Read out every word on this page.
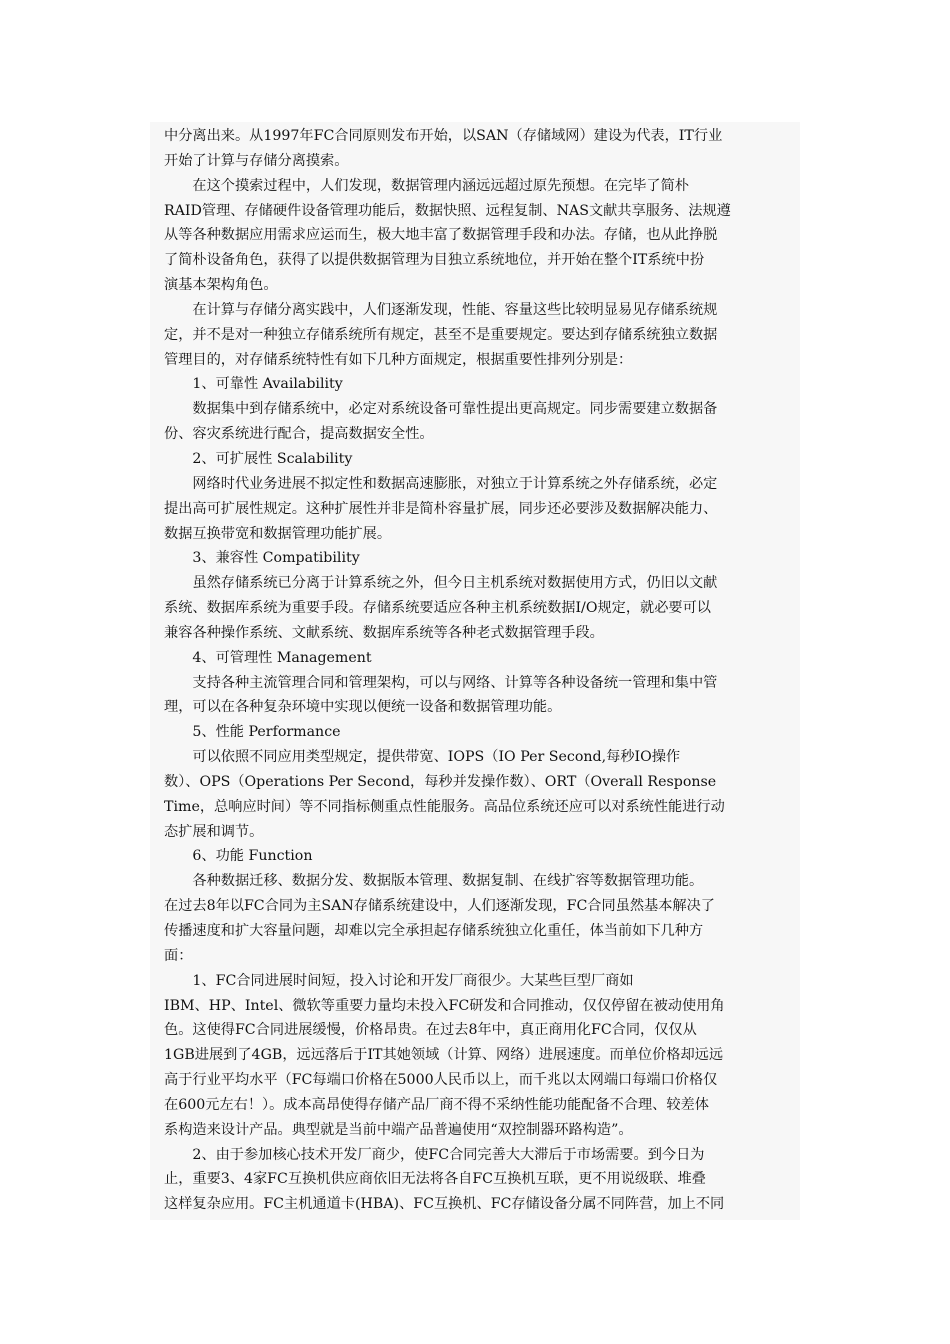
中分离出来。从1997年FC合同原则发布开始，以SAN（存储域网）建设为代表，IT行业

开始了计算与存储分离摸索。

在这个摸索过程中，人们发现，数据管理内涵远远超过原先预想。在完毕了简朴

RAID管理、存储硬件设备管理功能后，数据快照、远程复制、NAS文献共享服务、法规遵

从等各种数据应用需求应运而生，极大地丰富了数据管理手段和办法。存储，也从此挣脱

了简朴设备角色，获得了以提供数据管理为目独立系统地位，并开始在整个IT系统中扮

演基本架构角色。

在计算与存储分离实践中，人们逐渐发现，性能、容量这些比较明显易见存储系统规

定，并不是对一种独立存储系统所有规定，甚至不是重要规定。要达到存储系统独立数据

管理目的，对存储系统特性有如下几种方面规定，根据重要性排列分别是：

1、可靠性 Availability

数据集中到存储系统中，必定对系统设备可靠性提出更高规定。同步需要建立数据备

份、容灾系统进行配合，提高数据安全性。

2、可扩展性 Scalability

网络时代业务进展不拟定性和数据高速膨胀，对独立于计算系统之外存储系统，必定

提出高可扩展性规定。这种扩展性并非是简朴容量扩展，同步还必要涉及数据解决能力、

数据互换带宽和数据管理功能扩展。

3、兼容性 Compatibility

虽然存储系统已分离于计算系统之外，但今日主机系统对数据使用方式，仍旧以文献

系统、数据库系统为重要手段。存储系统要适应各种主机系统数据I/O规定，就必要可以

兼容各种操作系统、文献系统、数据库系统等各种老式数据管理手段。

4、可管理性 Management

支持各种主流管理合同和管理架构，可以与网络、计算等各种设备统一管理和集中管

理，可以在各种复杂环境中实现以便统一设备和数据管理功能。

5、性能 Performance

可以依照不同应用类型规定，提供带宽、IOPS（IO Per Second,每秒IO操作

数）、OPS（Operations Per Second，每秒并发操作数）、ORT（Overall Response

Time，总响应时间）等不同指标侧重点性能服务。高品位系统还应可以对系统性能进行动

态扩展和调节。

6、功能 Function

各种数据迁移、数据分发、数据版本管理、数据复制、在线扩容等数据管理功能。

在过去8年以FC合同为主SAN存储系统建设中，人们逐渐发现，FC合同虽然基本解决了

传播速度和扩大容量问题，却难以完全承担起存储系统独立化重任，体当前如下几种方

面：

1、FC合同进展时间短，投入讨论和开发厂商很少。大某些巨型厂商如

IBM、HP、Intel、微软等重要力量均未投入FC研发和合同推动，仅仅停留在被动使用角

色。这使得FC合同进展缓慢，价格昂贵。在过去8年中，真正商用化FC合同，仅仅从

1GB进展到了4GB，远远落后于IT其她领域（计算、网络）进展速度。而单位价格却远远

高于行业平均水平（FC每端口价格在5000人民币以上，而千兆以太网端口每端口价格仅

在600元左右！）。成本高昂使得存储产品厂商不得不采纳性能功能配备不合理、较差体

系构造来设计产品。典型就是当前中端产品普遍使用“双控制器环路构造”。

2、由于参加核心技术开发厂商少，使FC合同完善大大滞后于市场需要。到今日为

止，重要3、4家FC互换机供应商依旧无法将各自FC互换机互联，更不用说级联、堆叠

这样复杂应用。FC主机通道卡(HBA)、FC互换机、FC存储设备分属不同阵营，加上不同
